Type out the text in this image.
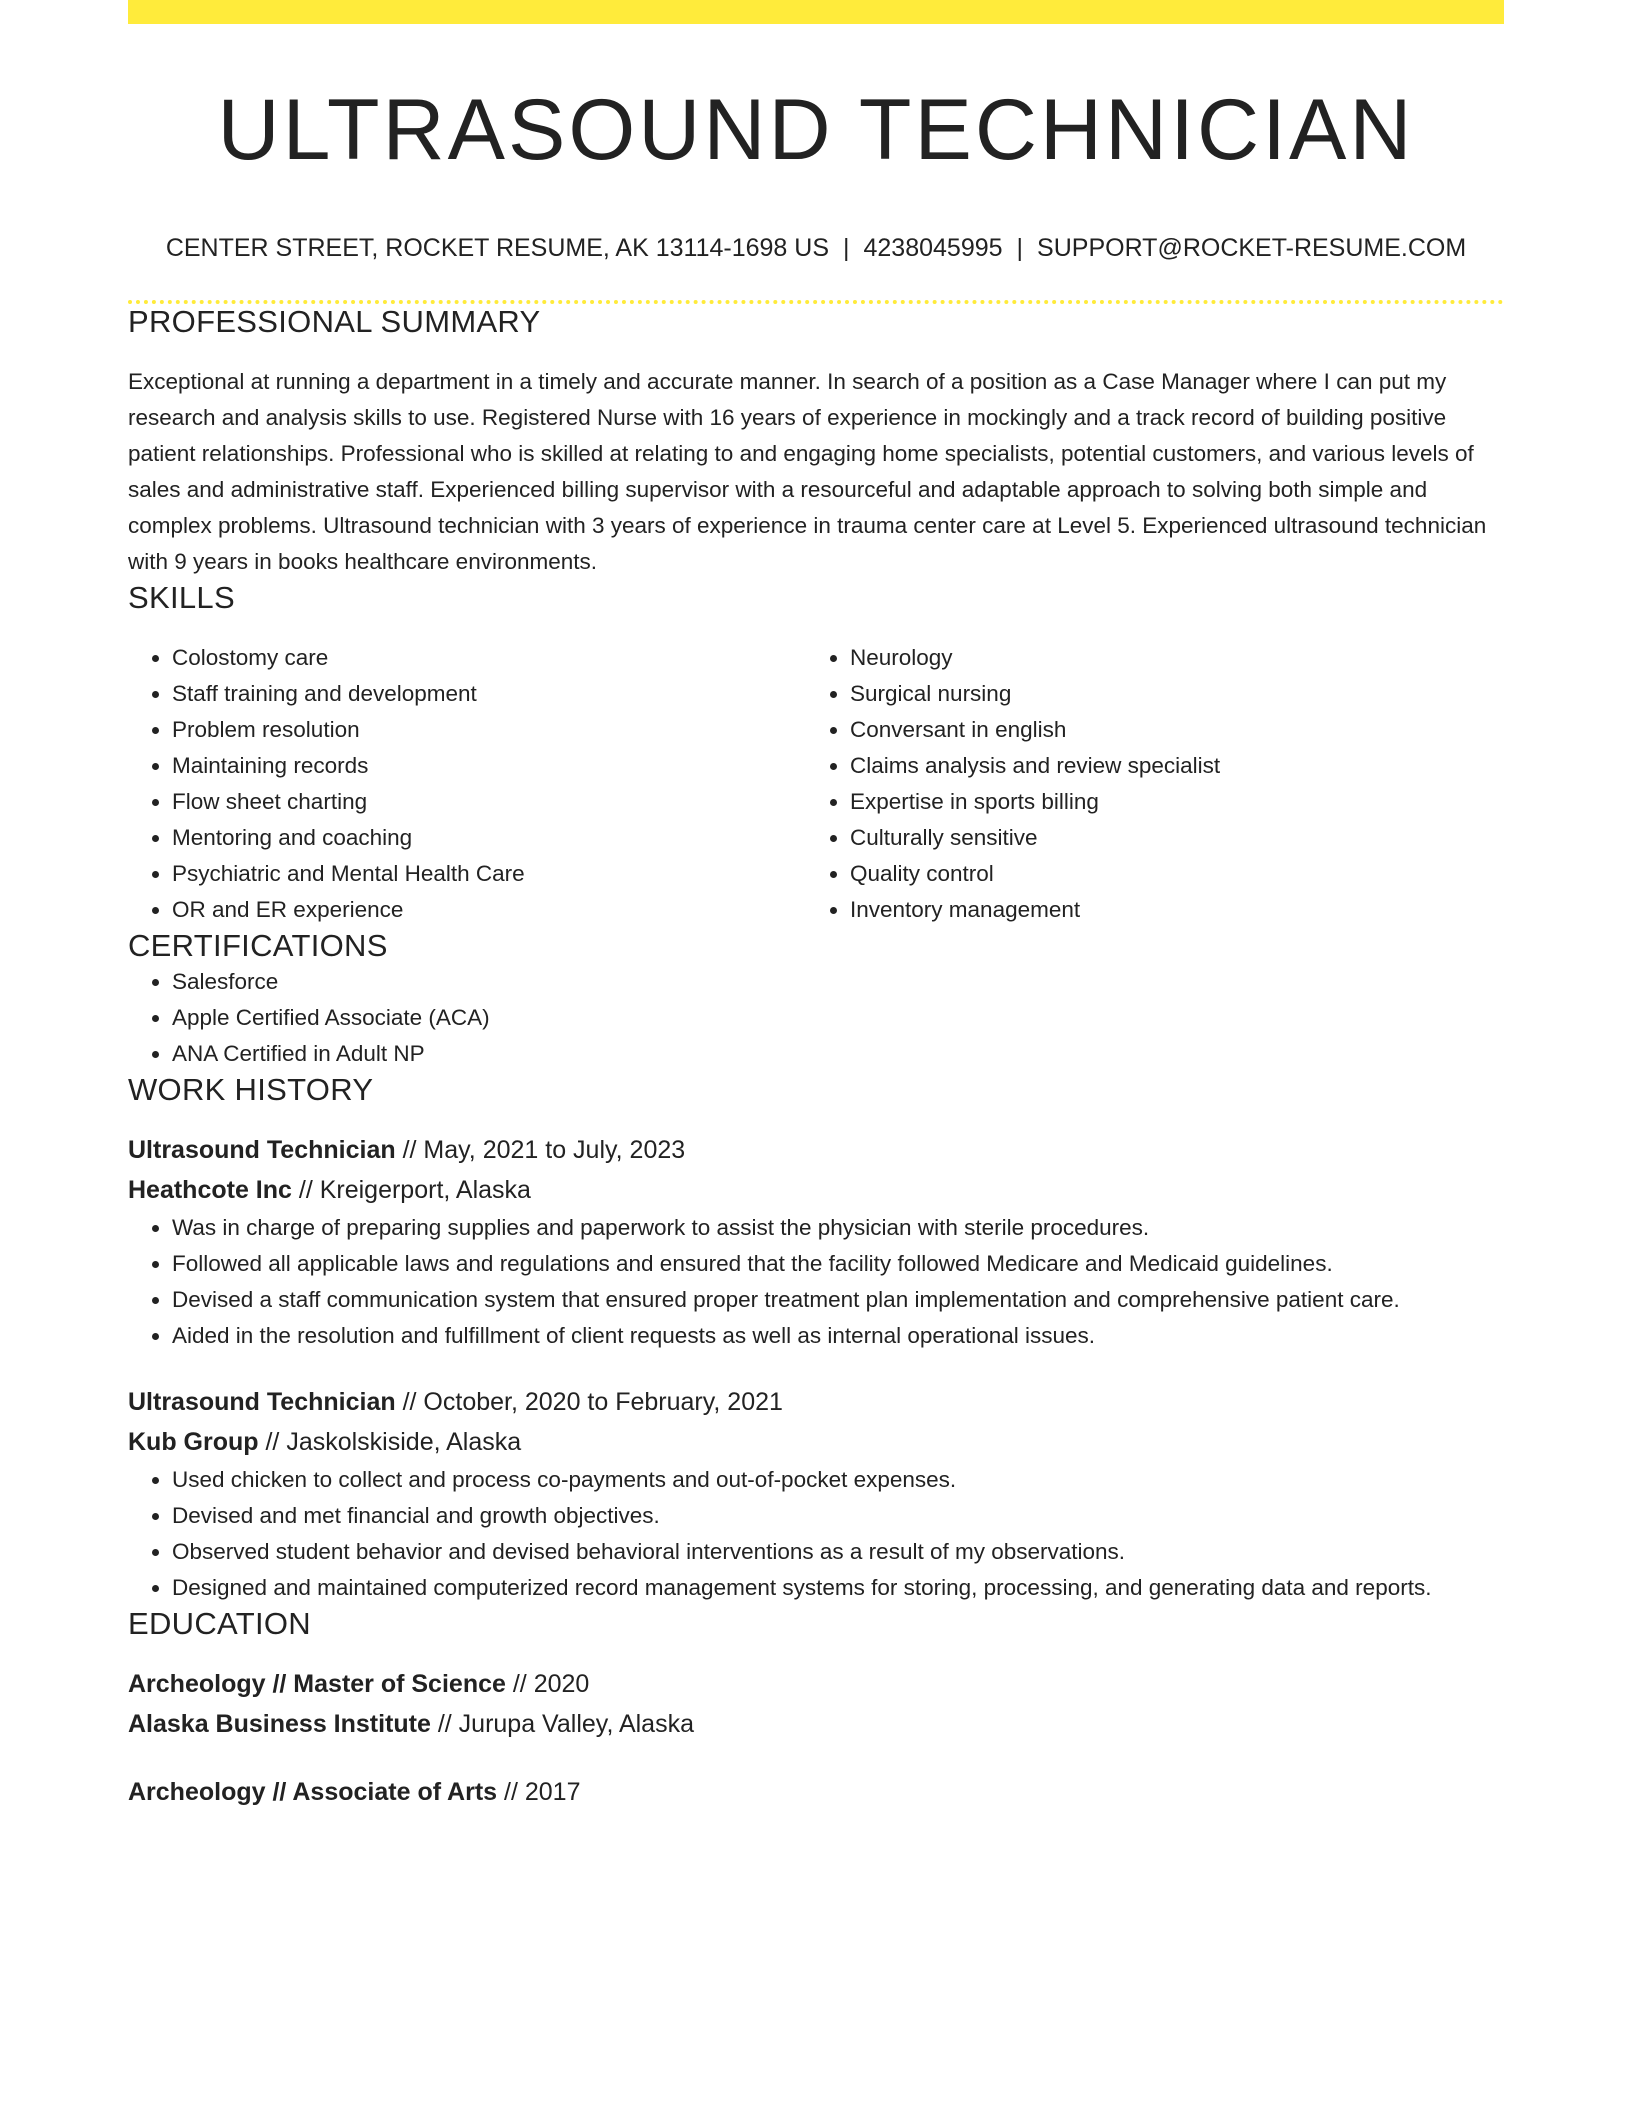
ULTRASOUND TECHNICIAN
CENTER STREET, ROCKET RESUME, AK 13114-1698 US | 4238045995 | SUPPORT@ROCKET-RESUME.COM
PROFESSIONAL SUMMARY

Exceptional at running a department in a timely and accurate manner. In search of a position as a Case Manager where I can put my research and analysis skills to use. Registered Nurse with 16 years of experience in mockingly and a track record of building positive patient relationships. Professional who is skilled at relating to and engaging home specialists, potential customers, and various levels of sales and administrative staff. Experienced billing supervisor with a resourceful and adaptable approach to solving both simple and complex problems. Ultrasound technician with 3 years of experience in trauma center care at Level 5. Experienced ultrasound technician with 9 years in books healthcare environments.

SKILLS
• Colostomy care
• Staff training and development
• Problem resolution
• Maintaining records
• Flow sheet charting
• Mentoring and coaching
• Psychiatric and Mental Health Care
• OR and ER experience
• Neurology
• Surgical nursing
• Conversant in english
• Claims analysis and review specialist
• Expertise in sports billing
• Culturally sensitive
• Quality control
• Inventory management
CERTIFICATIONS
• Salesforce
• Apple Certified Associate (ACA)
• ANA Certified in Adult NP
WORK HISTORY
Ultrasound Technician // May, 2021 to July, 2023
Heathcote Inc // Kreigerport, Alaska
• Was in charge of preparing supplies and paperwork to assist the physician with sterile procedures.
• Followed all applicable laws and regulations and ensured that the facility followed Medicare and Medicaid guidelines.
• Devised a staff communication system that ensured proper treatment plan implementation and comprehensive patient care.
• Aided in the resolution and fulfillment of client requests as well as internal operational issues.
Ultrasound Technician // October, 2020 to February, 2021
Kub Group // Jaskolskiside, Alaska
• Used chicken to collect and process co-payments and out-of-pocket expenses.
• Devised and met financial and growth objectives.
• Observed student behavior and devised behavioral interventions as a result of my observations.
• Designed and maintained computerized record management systems for storing, processing, and generating data and reports.
EDUCATION
Archeology // Master of Science // 2020
Alaska Business Institute // Jurupa Valley, Alaska
Archeology // Associate of Arts // 2017
